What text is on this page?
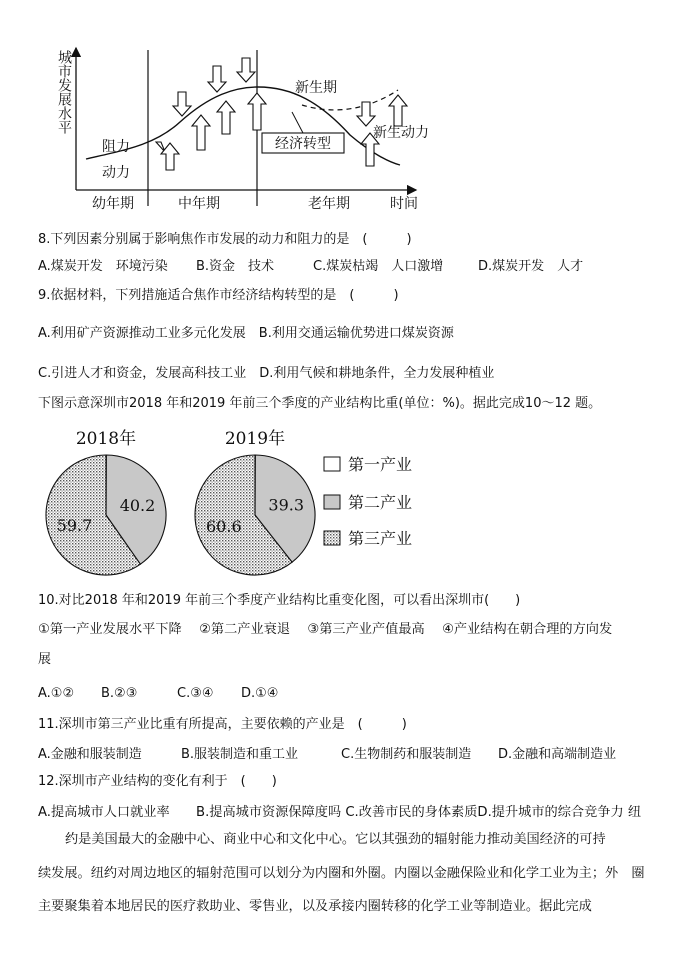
经济转型
新生期
新生动力
阻力
动力
幼年期	中年期	老年期	时间
城市发展水平
8.下列因素分别属于影响焦作市发展的动力和阻力的是　(　　　)
A.煤炭开发　环境污染 B.资金　技术	C.煤炭枯竭　人口激增	D.煤炭开发　人才
9.依据材料，下列措施适合焦作市经济结构转型的是　(　　　)
A.利用矿产资源推动工业多元化发展　B.利用交通运输优势进口煤炭资源
C.引进人才和资金，发展高科技工业　D.利用气候和耕地条件，全力发展种植业
下图示意深圳市2018 年和2019 年前三个季度的产业结构比重(单位：%)。据此完成10～12 题。
2018年	2019年
40.2
59.7
39.3
60.6
第一产业
第二产业
第三产业
10.对比2018 年和2019 年前三个季度产业结构比重变化图，可以看出深圳市(　　)
①第一产业发展水平下降　 ②第二产业衰退　 ③第三产业产值最高　 ④产业结构在朝合理的方向发
展
A.①② B.②③	C.③④ D.①④
11.深圳市第三产业比重有所提高，主要依赖的产业是　(　　　)
A.金融和服装制造	B.服装制造和重工业	C.生物制药和服装制造 D.金融和高端制造业
12.深圳市产业结构的变化有利于　(　　)
A.提高城市人口就业率　　B.提高城市资源保障度吗 C.改善市民的身体素质D.提升城市的综合竞争力 纽
约是美国最大的金融中心、商业中心和文化中心。它以其强劲的辐射能力推动美国经济的可持
续发展。纽约对周边地区的辐射范围可以划分为内圈和外圈。内圈以金融保险业和化学工业为主；外　圈
主要聚集着本地居民的医疗救助业、零售业，以及承接内圈转移的化学工业等制造业。据此完成
